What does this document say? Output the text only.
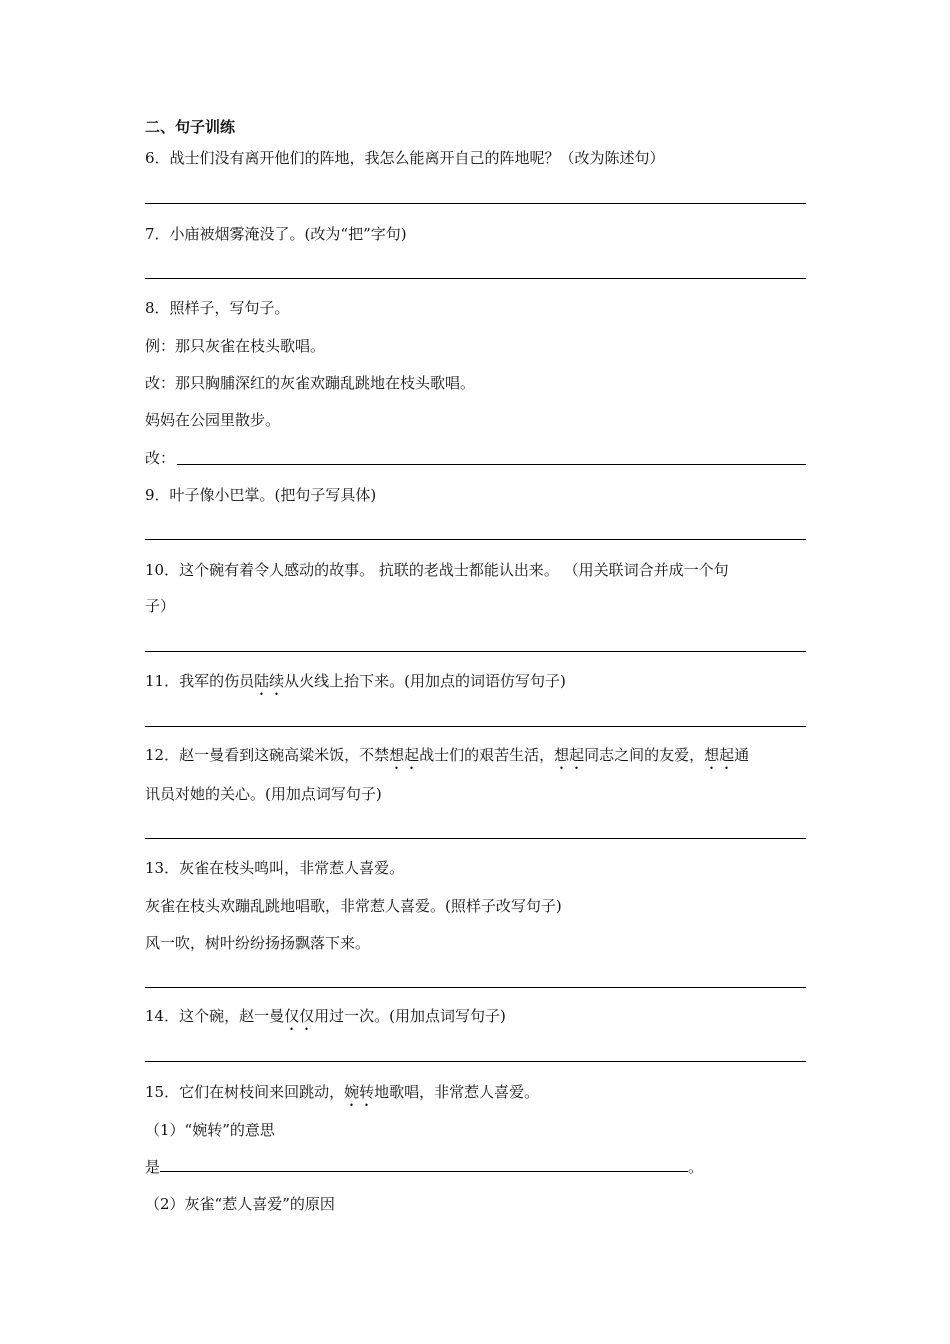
二、句子训练
6．战士们没有离开他们的阵地，我怎么能离开自己的阵地呢？（改为陈述句）
7．小庙被烟雾淹没了。(改为“把”字句)
8．照样子，写句子。
例：那只灰雀在枝头歌唱。
改：那只胸脯深红的灰雀欢蹦乱跳地在枝头歌唱。
妈妈在公园里散步。
改：
9．叶子像小巴掌。(把句子写具体)
10．这个碗有着令人感动的故事。 抗联的老战士都能认出来。 （用关联词合并成一个句
子）
11．我军的伤员陆续从火线上抬下来。(用加点的词语仿写句子)
12．赵一曼看到这碗高粱米饭，不禁想起战士们的艰苦生活，想起同志之间的友爱，想起通
讯员对她的关心。(用加点词写句子)
13．灰雀在枝头鸣叫，非常惹人喜爱。
灰雀在枝头欢蹦乱跳地唱歌，非常惹人喜爱。(照样子改写句子)
风一吹，树叶纷纷扬扬飘落下来。
14．这个碗，赵一曼仅仅用过一次。(用加点词写句子)
15．它们在树枝间来回跳动，婉转地歌唱，非常惹人喜爱。
（1）“婉转”的意思
是	。
（2）灰雀“惹人喜爱”的原因
